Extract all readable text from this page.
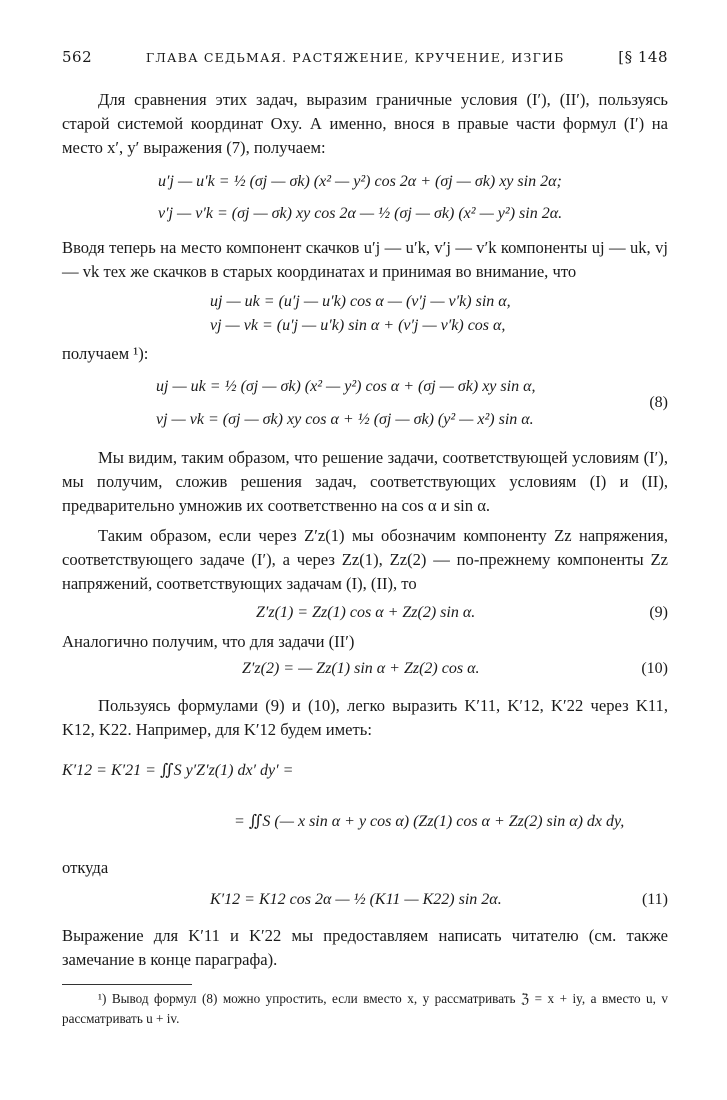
562	ГЛАВА СЕДЬМАЯ. РАСТЯЖЕНИЕ, КРУЧЕНИЕ, ИЗГИБ	[§ 148

Для сравнения этих задач, выразим граничные условия (I′), (II′), пользуясь старой системой координат Oxy. А именно, внося в правые части формул (I′) на место x′, y′ выражения (7), получаем:

u′j — u′k = ½ (σj — σk) (x² — y²) cos 2α + (σj — σk) xy sin 2α;
v′j — v′k = (σj — σk) xy cos 2α — ½ (σj — σk) (x² — y²) sin 2α.

Вводя теперь на место компонент скачков u′j — u′k, v′j — v′k компоненты uj — uk, vj — vk тех же скачков в старых координатах и принимая во внимание, что

uj — uk = (u′j — u′k) cos α — (v′j — v′k) sin α,
vj — vk = (u′j — u′k) sin α + (v′j — v′k) cos α,

получаем ¹):

uj — uk = ½ (σj — σk) (x² — y²) cos α + (σj — σk) xy sin α,
vj — vk = (σj — σk) xy cos α + ½ (σj — σk) (y² — x²) sin α.
(8)

Мы видим, таким образом, что решение задачи, соответствующей условиям (I′), мы получим, сложив решения задач, соответствующих условиям (I) и (II), предварительно умножив их соответственно на cos α и sin α.

Таким образом, если через Z′z(1) мы обозначим компоненту Zz напряжения, соответствующего задаче (I′), а через Zz(1), Zz(2) — по-прежнему компоненты Zz напряжений, соответствующих задачам (I), (II), то

Z′z(1) = Zz(1) cos α + Zz(2) sin α.	(9)

Аналогично получим, что для задачи (II′)

Z′z(2) = — Zz(1) sin α + Zz(2) cos α.	(10)

Пользуясь формулами (9) и (10), легко выразить K′11, K′12, K′22 через K11, K12, K22. Например, для K′12 будем иметь:

K′12 = K′21 = ∬S y′Z′z(1) dx′ dy′ =
= ∬S (— x sin α + y cos α) (Zz(1) cos α + Zz(2) sin α) dx dy,

откуда

K′12 = K12 cos 2α — ½ (K11 — K22) sin 2α.	(11)

Выражение для K′11 и K′22 мы предоставляем написать читателю (см. также замечание в конце параграфа).

¹) Вывод формул (8) можно упростить, если вместо x, y рассматривать ℨ = x + iy, а вместо u, v рассматривать u + iv.
